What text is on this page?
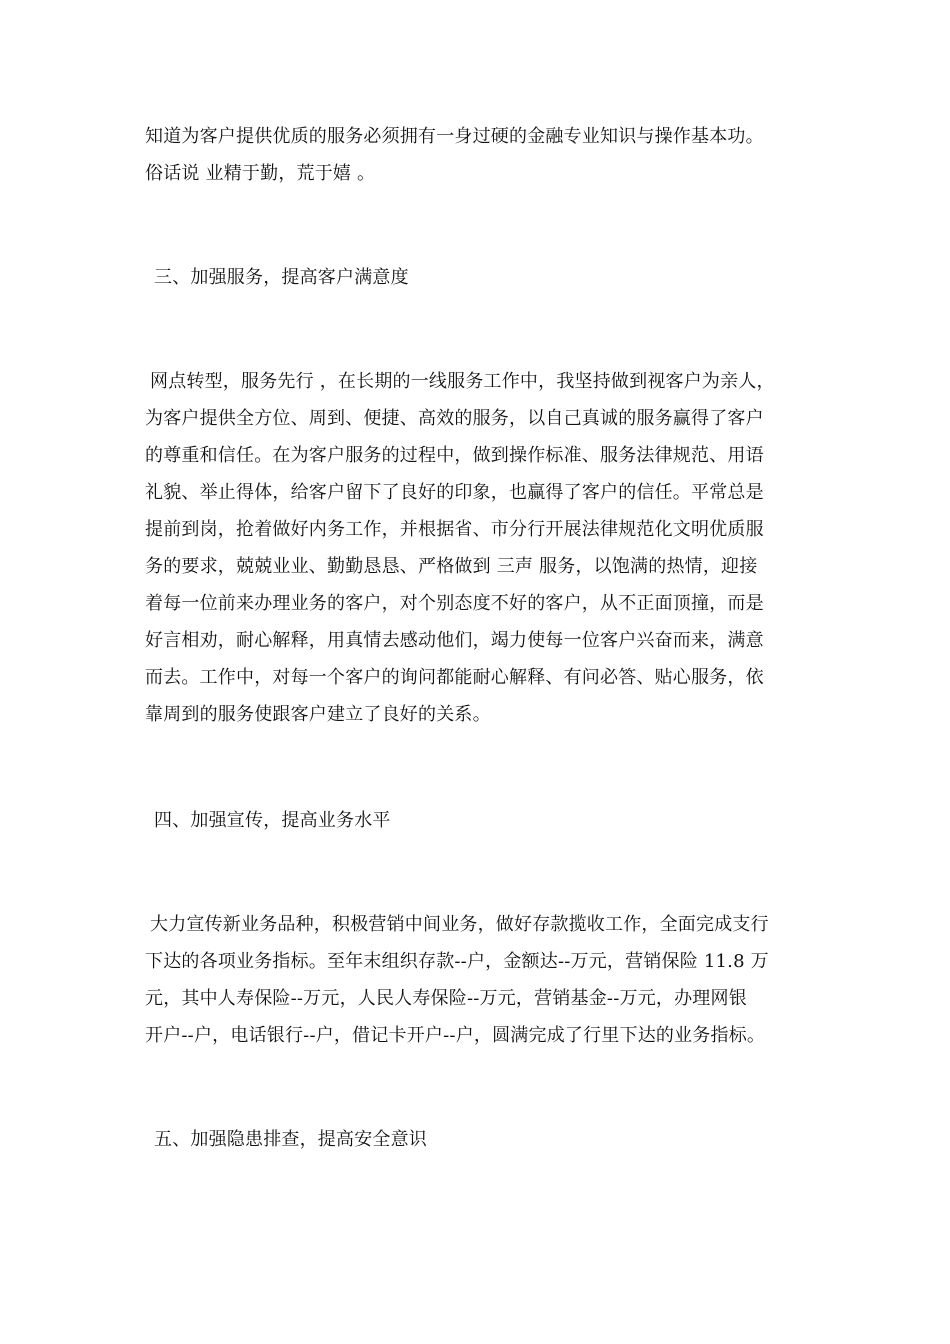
知道为客户提供优质的服务必须拥有一身过硬的金融专业知识与操作基本功。
俗话说 业精于勤，荒于嬉 。
三、加强服务，提高客户满意度
网点转型，服务先行 ，在长期的一线服务工作中，我坚持做到视客户为亲人，
为客户提供全方位、周到、便捷、高效的服务，以自己真诚的服务赢得了客户
的尊重和信任。在为客户服务的过程中，做到操作标准、服务法律规范、用语
礼貌、举止得体，给客户留下了良好的印象，也赢得了客户的信任。平常总是
提前到岗，抢着做好内务工作，并根据省、市分行开展法律规范化文明优质服
务的要求，兢兢业业、勤勤恳恳、严格做到 三声 服务，以饱满的热情，迎接
着每一位前来办理业务的客户，对个别态度不好的客户，从不正面顶撞，而是
好言相劝，耐心解释，用真情去感动他们，竭力使每一位客户兴奋而来，满意
而去。工作中，对每一个客户的询问都能耐心解释、有问必答、贴心服务，依
靠周到的服务使跟客户建立了良好的关系。
四、加强宣传，提高业务水平
大力宣传新业务品种，积极营销中间业务，做好存款揽收工作，全面完成支行
下达的各项业务指标。至年末组织存款--户，金额达--万元，营销保险 11.8 万
元，其中人寿保险--万元，人民人寿保险--万元，营销基金--万元，办理网银
开户--户，电话银行--户，借记卡开户--户，圆满完成了行里下达的业务指标。
五、加强隐患排查，提高安全意识
